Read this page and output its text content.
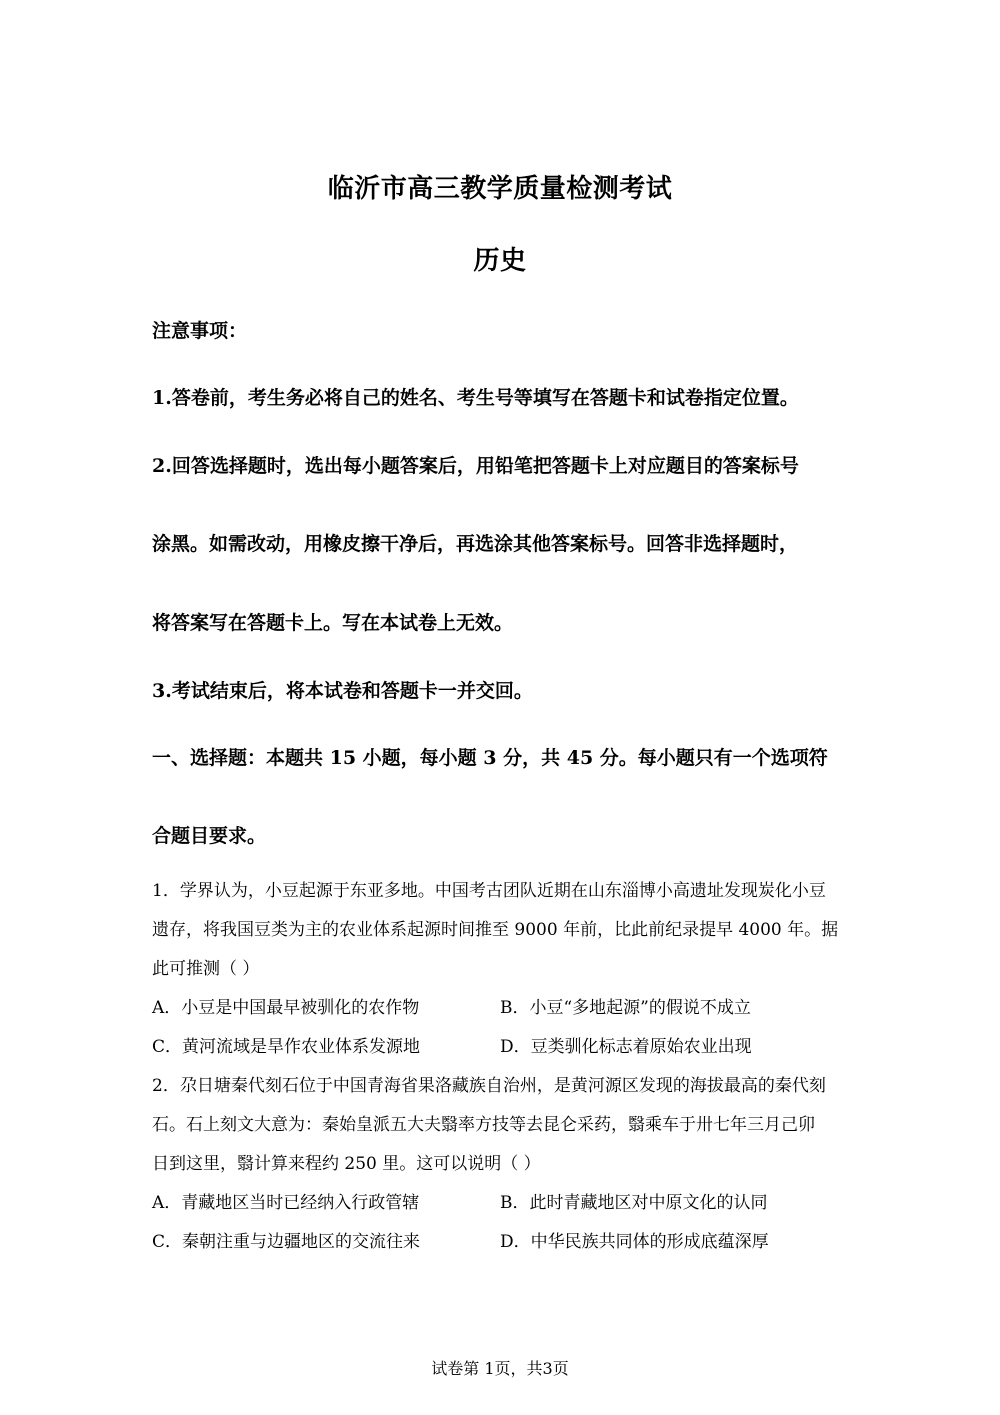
临沂市高三教学质量检测考试
历史
注意事项：
1.答卷前，考生务必将自己的姓名、考生号等填写在答题卡和试卷指定位置。
2.回答选择题时，选出每小题答案后，用铅笔把答题卡上对应题目的答案标号
涂黑。如需改动，用橡皮擦干净后，再选涂其他答案标号。回答非选择题时，
将答案写在答题卡上。写在本试卷上无效。
3.考试结束后，将本试卷和答题卡一并交回。
一、选择题：本题共 15 小题，每小题 3 分，共 45 分。每小题只有一个选项符
合题目要求。
1．学界认为，小豆起源于东亚多地。中国考古团队近期在山东淄博小高遗址发现炭化小豆
遗存，将我国豆类为主的农业体系起源时间推至 9000 年前，比此前纪录提早 4000 年。据
此可推测（ ）
A．小豆是中国最早被驯化的农作物	B．小豆“多地起源”的假说不成立
C．黄河流域是旱作农业体系发源地	D．豆类驯化标志着原始农业出现
2．尕日塘秦代刻石位于中国青海省果洛藏族自治州，是黄河源区发现的海拔最高的秦代刻
石。石上刻文大意为：秦始皇派五大夫翳率方技等去昆仑采药，翳乘车于卅七年三月己卯
日到这里，翳计算来程约 250 里。这可以说明（ ）
A．青藏地区当时已经纳入行政管辖	B．此时青藏地区对中原文化的认同
C．秦朝注重与边疆地区的交流往来	D．中华民族共同体的形成底蕴深厚
试卷第 1页，共3页
